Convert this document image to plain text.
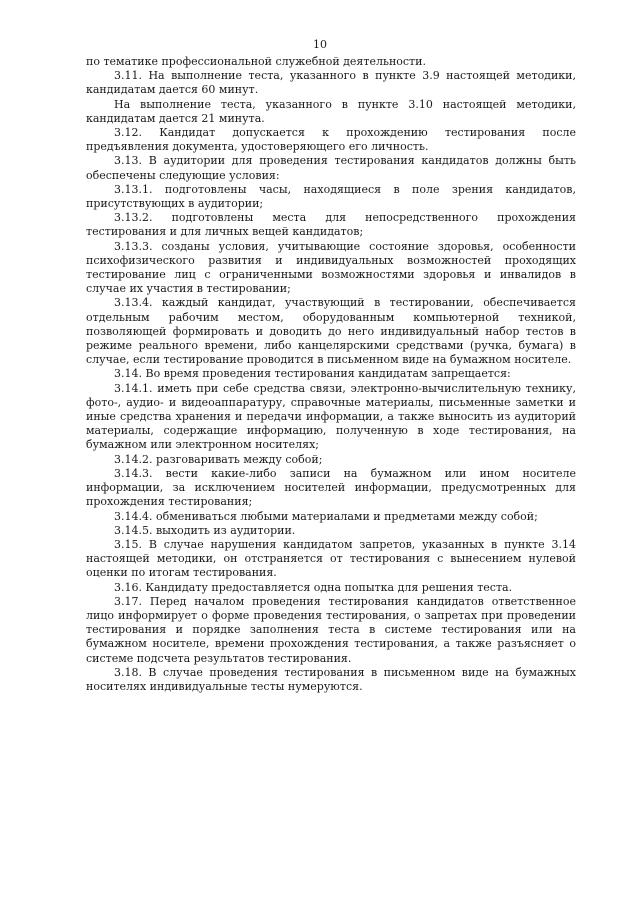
10

по тематике профессиональной служебной деятельности.

3.11. На выполнение теста, указанного в пункте 3.9 настоящей методики, кандидатам дается 60 минут.

На выполнение теста, указанного в пункте 3.10 настоящей методики, кандидатам дается 21 минута.

3.12. Кандидат допускается к прохождению тестирования после предъявления документа, удостоверяющего его личность.

3.13. В аудитории для проведения тестирования кандидатов должны быть обеспечены следующие условия:

3.13.1. подготовлены часы, находящиеся в поле зрения кандидатов, присутствующих в аудитории;

3.13.2. подготовлены места для непосредственного прохождения тестирования и для личных вещей кандидатов;

3.13.3. созданы условия, учитывающие состояние здоровья, особенности психофизического развития и индивидуальных возможностей проходящих тестирование лиц с ограниченными возможностями здоровья и инвалидов в случае их участия в тестировании;

3.13.4. каждый кандидат, участвующий в тестировании, обеспечивается отдельным рабочим местом, оборудованным компьютерной техникой, позволяющей формировать и доводить до него индивидуальный набор тестов в режиме реального времени, либо канцелярскими средствами (ручка, бумага) в случае, если тестирование проводится в письменном виде на бумажном носителе.

3.14. Во время проведения тестирования кандидатам запрещается:

3.14.1. иметь при себе средства связи, электронно-вычислительную технику, фото-, аудио- и видеоаппаратуру, справочные материалы, письменные заметки и иные средства хранения и передачи информации, а также выносить из аудиторий материалы, содержащие информацию, полученную в ходе тестирования, на бумажном или электронном носителях;

3.14.2. разговаривать между собой;

3.14.3. вести какие-либо записи на бумажном или ином носителе информации, за исключением носителей информации, предусмотренных для прохождения тестирования;

3.14.4. обмениваться любыми материалами и предметами между собой;

3.14.5. выходить из аудитории.

3.15. В случае нарушения кандидатом запретов, указанных в пункте 3.14 настоящей методики, он отстраняется от тестирования с вынесением нулевой оценки по итогам тестирования.

3.16. Кандидату предоставляется одна попытка для решения теста.

3.17. Перед началом проведения тестирования кандидатов ответственное лицо информирует о форме проведения тестирования, о запретах при проведении тестирования и порядке заполнения теста в системе тестирования или на бумажном носителе, времени прохождения тестирования, а также разъясняет о системе подсчета результатов тестирования.

3.18. В случае проведения тестирования в письменном виде на бумажных носителях индивидуальные тесты нумеруются.
